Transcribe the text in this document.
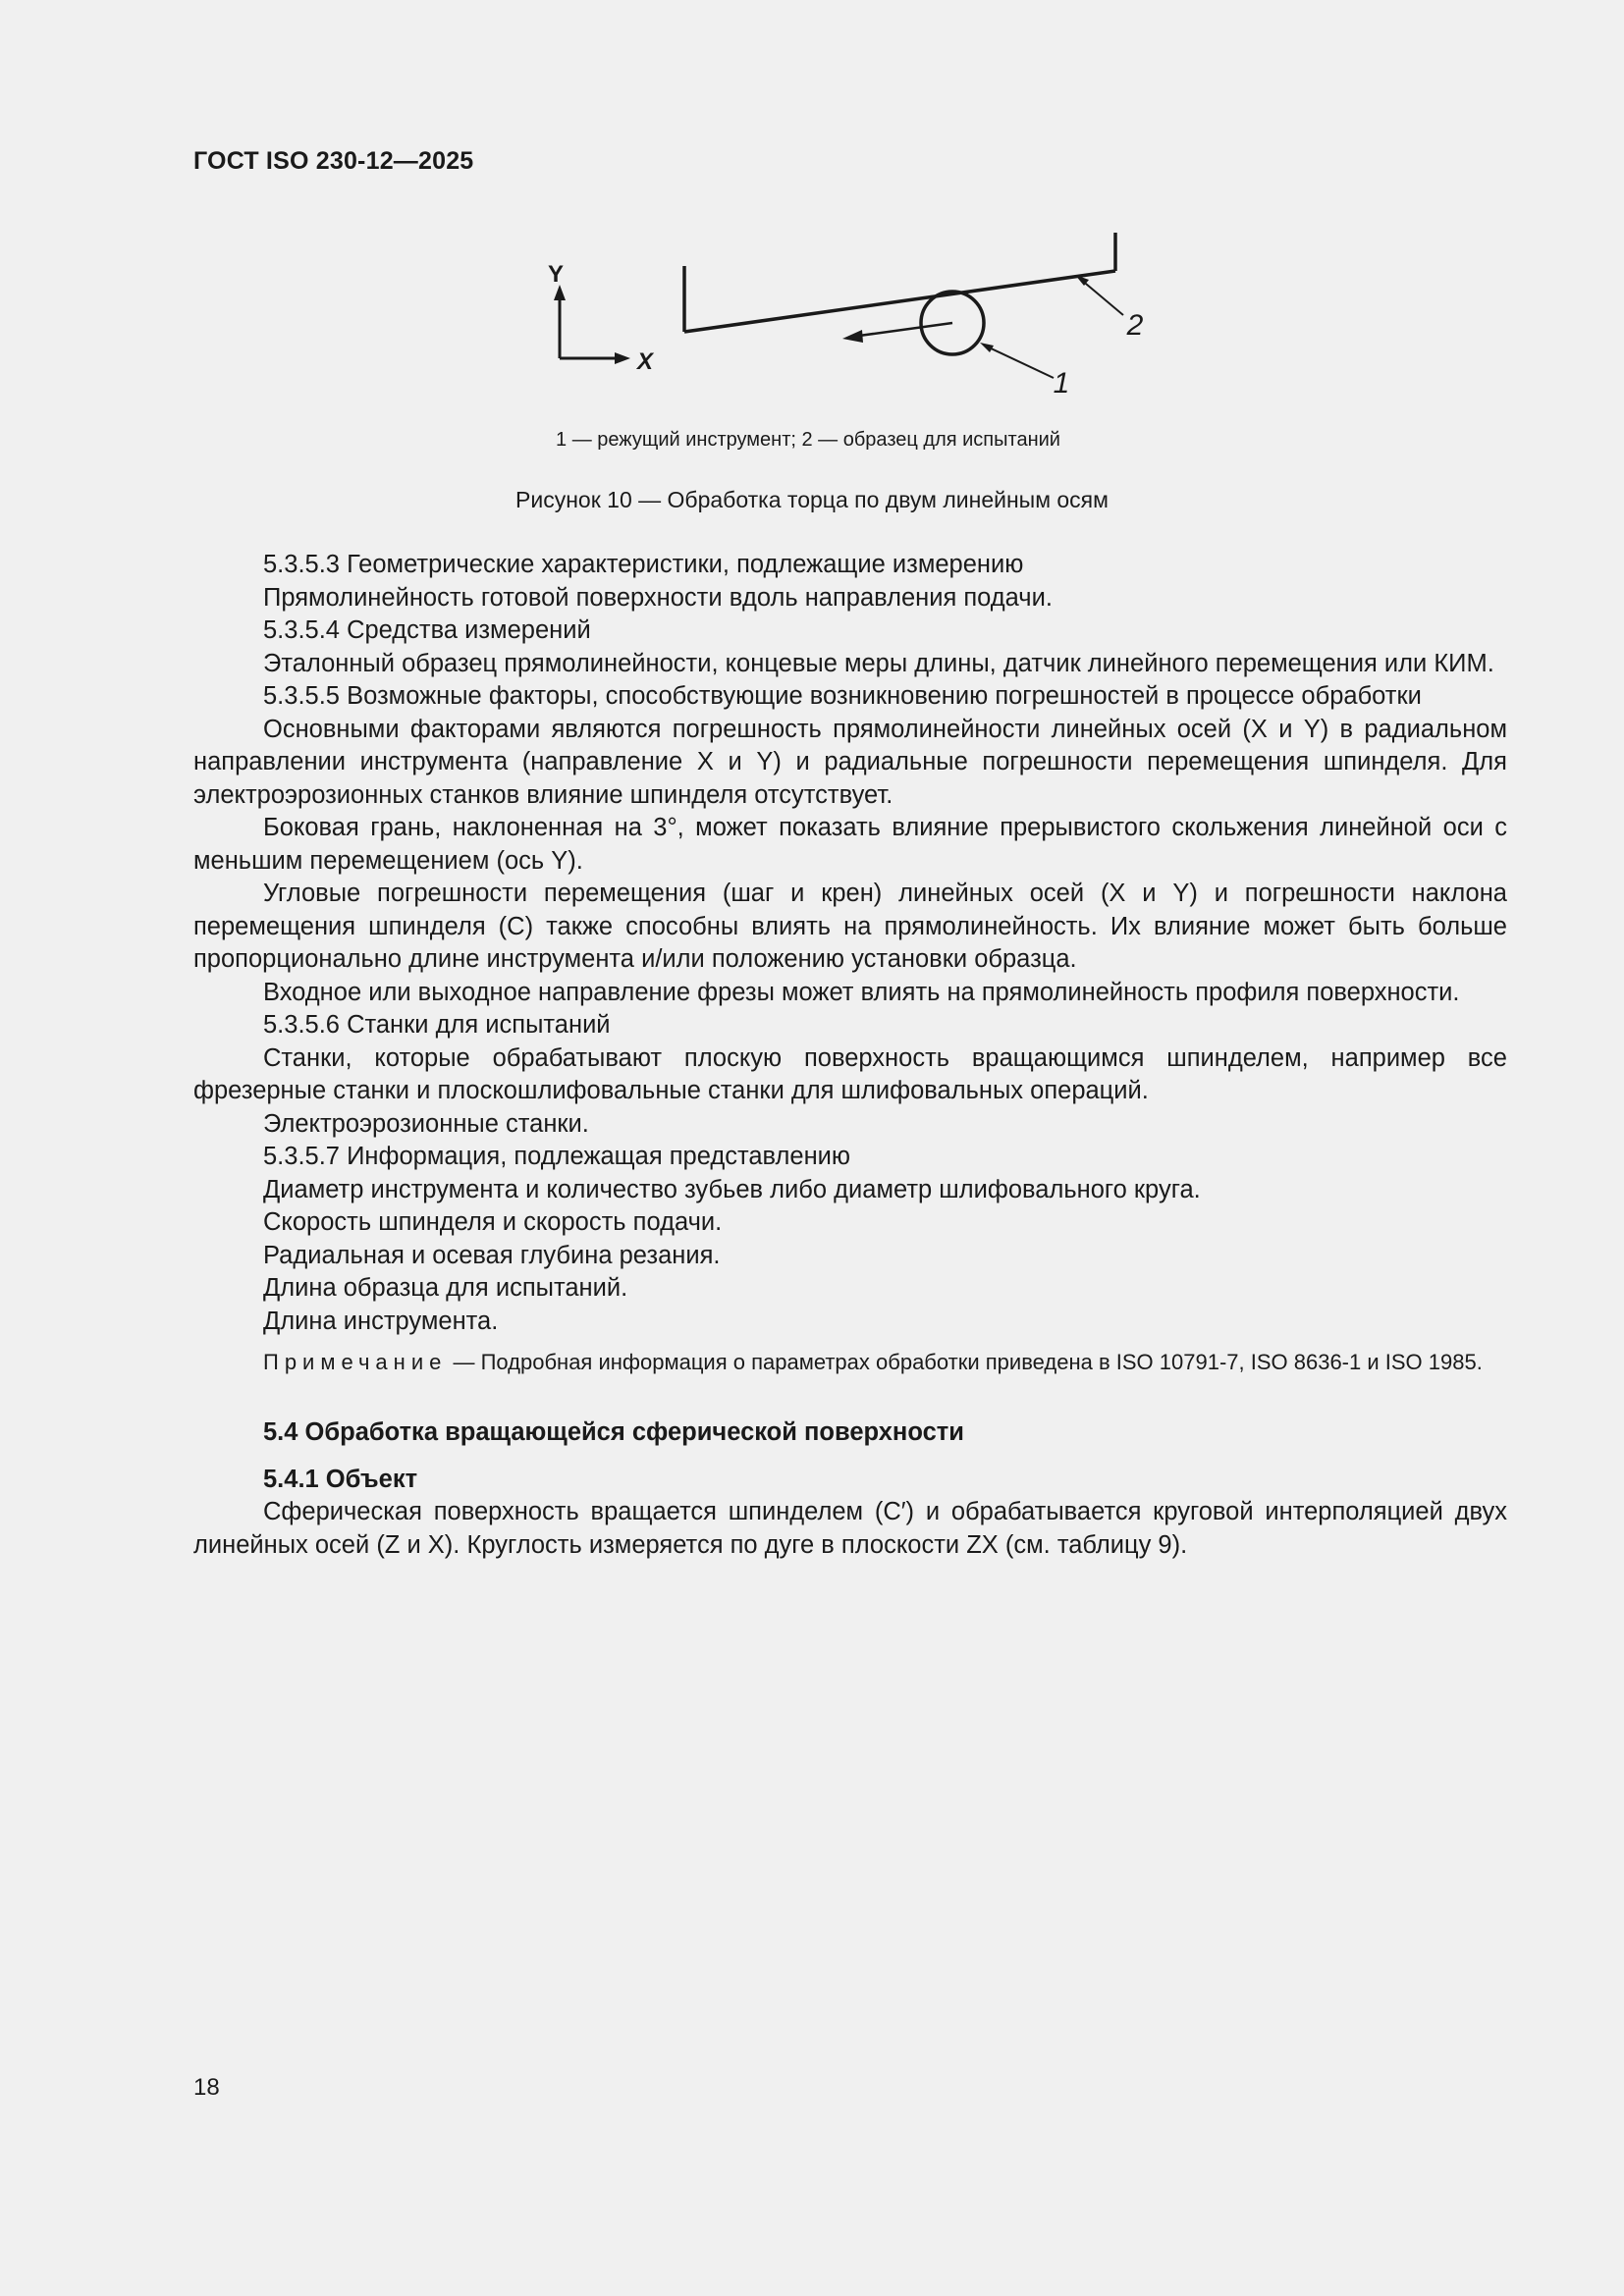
ГОСТ ISO 230-12—2025
Y
X
1
2
1 — режущий инструмент; 2 — образец для испытаний
Рисунок 10 — Обработка торца по двум линейным осям

5.3.5.3 Геометрические характеристики, подлежащие измерению

Прямолинейность готовой поверхности вдоль направления подачи.

5.3.5.4 Средства измерений

Эталонный образец прямолинейности, концевые меры длины, датчик линейного перемещения или КИМ.

5.3.5.5 Возможные факторы, способствующие возникновению погрешностей в процессе обработки

Основными факторами являются погрешность прямолинейности линейных осей (X и Y) в радиальном направлении инструмента (направление X и Y) и радиальные погрешности перемещения шпинделя. Для электроэрозионных станков влияние шпинделя отсутствует.

Боковая грань, наклоненная на 3°, может показать влияние прерывистого скольжения линейной оси с меньшим перемещением (ось Y).

Угловые погрешности перемещения (шаг и крен) линейных осей (X и Y) и погрешности наклона перемещения шпинделя (C) также способны влиять на прямолинейность. Их влияние может быть больше пропорционально длине инструмента и/или положению установки образца.

Входное или выходное направление фрезы может влиять на прямолинейность профиля поверхности.

5.3.5.6 Станки для испытаний

Станки, которые обрабатывают плоскую поверхность вращающимся шпинделем, например все фрезерные станки и плоскошлифовальные станки для шлифовальных операций.

Электроэрозионные станки.

5.3.5.7 Информация, подлежащая представлению

Диаметр инструмента и количество зубьев либо диаметр шлифовального круга.

Скорость шпинделя и скорость подачи.

Радиальная и осевая глубина резания.

Длина образца для испытаний.

Длина инструмента.

Примечание — Подробная информация о параметрах обработки приведена в ISO 10791-7, ISO 8636-1 и ISO 1985.

5.4 Обработка вращающейся сферической поверхности

5.4.1 Объект

Сферическая поверхность вращается шпинделем (C′) и обрабатывается круговой интерполяцией двух линейных осей (Z и X). Круглость измеряется по дуге в плоскости ZX (см. таблицу 9).

18
